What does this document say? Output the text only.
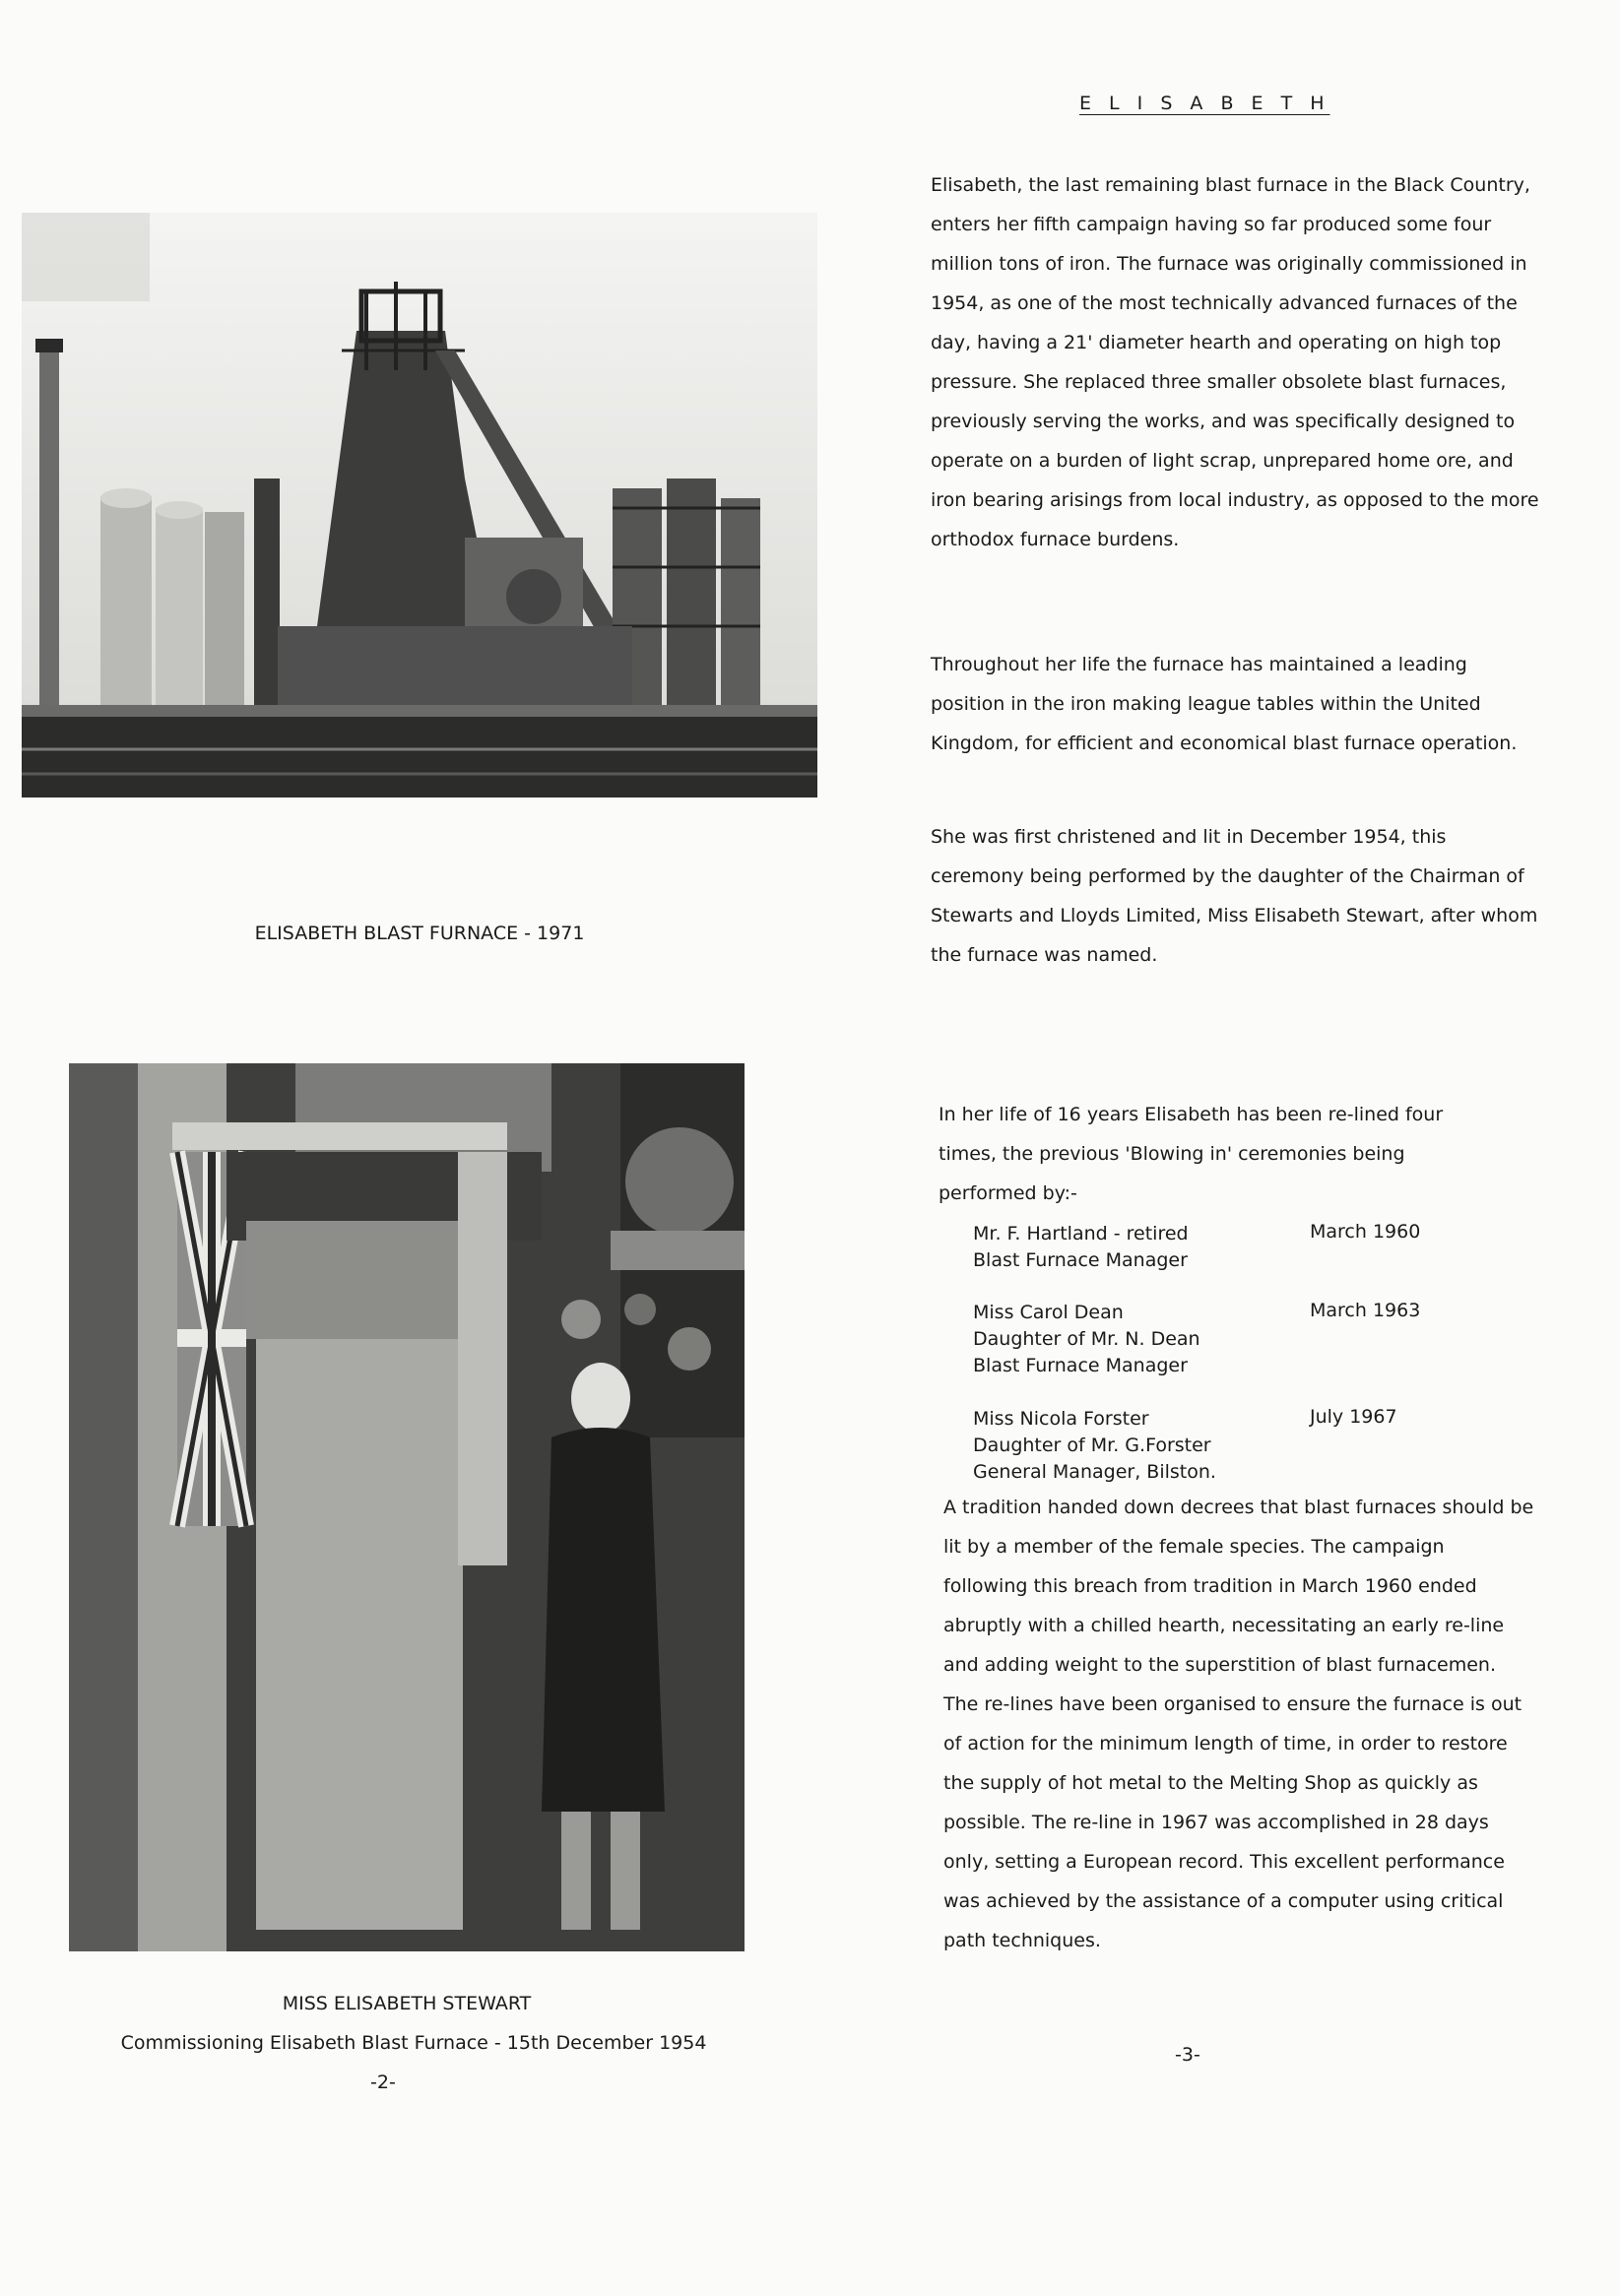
ELISABETH BLAST FURNACE - 1971
MISS ELISABETH STEWART
Commissioning Elisabeth Blast Furnace - 15th December 1954
-2-
E L I S A B E T H

Elisabeth, the last remaining blast furnace in the Black Country, enters her fifth campaign having so far produced some four million tons of iron. The furnace was originally commissioned in 1954, as one of the most technically advanced furnaces of the day, having a 21' diameter hearth and operating on high top pressure. She replaced three smaller obsolete blast furnaces, previously serving the works, and was specifically designed to operate on a burden of light scrap, unprepared home ore, and iron bearing arisings from local industry, as opposed to the more orthodox furnace burdens.

Throughout her life the furnace has maintained a leading position in the iron making league tables within the United Kingdom, for efficient and economical blast furnace operation.

She was first christened and lit in December 1954, this ceremony being performed by the daughter of the Chairman of Stewarts and Lloyds Limited, Miss Elisabeth Stewart, after whom the furnace was named.

In her life of 16 years Elisabeth has been re-lined four times, the previous 'Blowing in' ceremonies being performed by:-

Mr. F. Hartland - retired
Blast Furnace Manager
March 1960
Miss Carol Dean
Daughter of Mr. N. Dean
Blast Furnace Manager
March 1963
Miss Nicola Forster
Daughter of Mr. G.Forster
General Manager, Bilston.
July 1967

A tradition handed down decrees that blast furnaces should be lit by a member of the female species. The campaign following this breach from tradition in March 1960 ended abruptly with a chilled hearth, necessitating an early re-line and adding weight to the superstition of blast furnacemen. The re-lines have been organised to ensure the furnace is out of action for the minimum length of time, in order to restore the supply of hot metal to the Melting Shop as quickly as possible. The re-line in 1967 was accomplished in 28 days only, setting a European record. This excellent performance was achieved by the assistance of a computer using critical path techniques.

-3-
